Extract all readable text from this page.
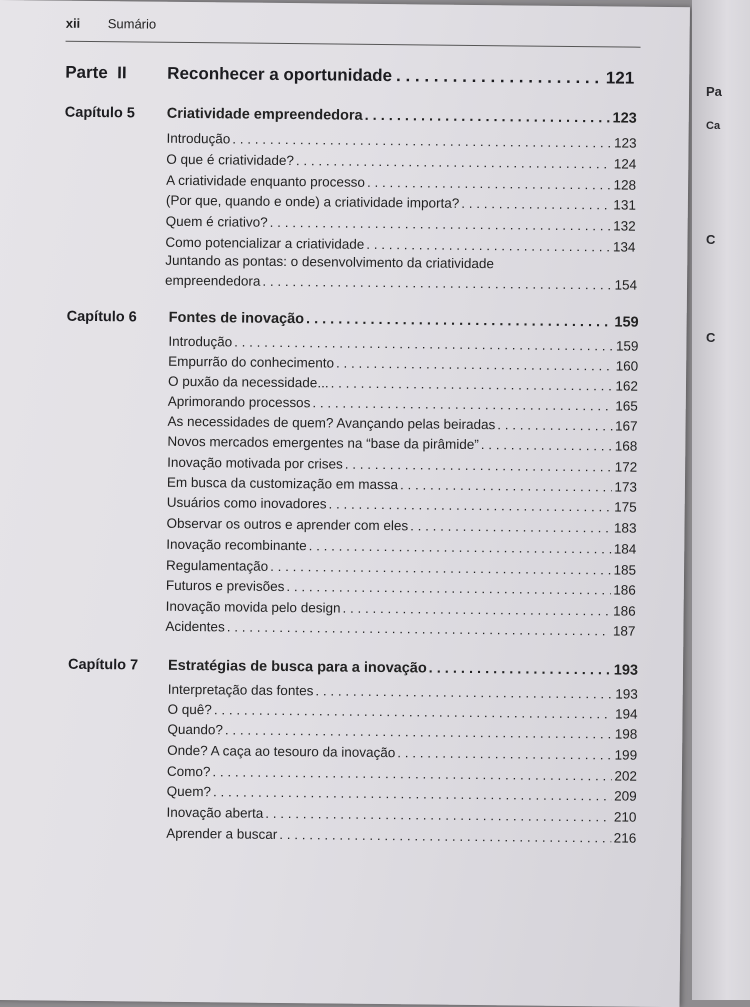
xii Sumário
Parte II Reconhecer a oportunidade . . .	121
Capítulo 5 Criatividade empreendedora . . .	123
Introdução . . .	123
O que é criatividade? . . .	124
A criatividade enquanto processo . . .	128
(Por que, quando e onde) a criatividade importa? . . .	131
Quem é criativo? . . .	132
Como potencializar a criatividade . . .	134
Juntando as pontas: o desenvolvimento da criatividade
empreendedora . . .	154
Capítulo 6 Fontes de inovação . . .	159
Introdução . . .	159
Empurrão do conhecimento . . .	160
O puxão da necessidade... . . .	162
Aprimorando processos . . .	165
As necessidades de quem? Avançando pelas beiradas . . .	167
Novos mercados emergentes na “base da pirâmide” . . .	168
Inovação motivada por crises . . .	172
Em busca da customização em massa . . .	173
Usuários como inovadores . . .	175
Observar os outros e aprender com eles . . .	183
Inovação recombinante . . .	184
Regulamentação . . .	185
Futuros e previsões . . .	186
Inovação movida pelo design . . .	186
Acidentes . . .	187
Capítulo 7 Estratégias de busca para a inovação . . .	193
Interpretação das fontes . . .	193
O quê? . . .	194
Quando? . . .	198
Onde? A caça ao tesouro da inovação . . .	199
Como? . . .	202
Quem? . . .	209
Inovação aberta . . .	210
Aprender a buscar . . .	216
Pa
Ca
C
C
